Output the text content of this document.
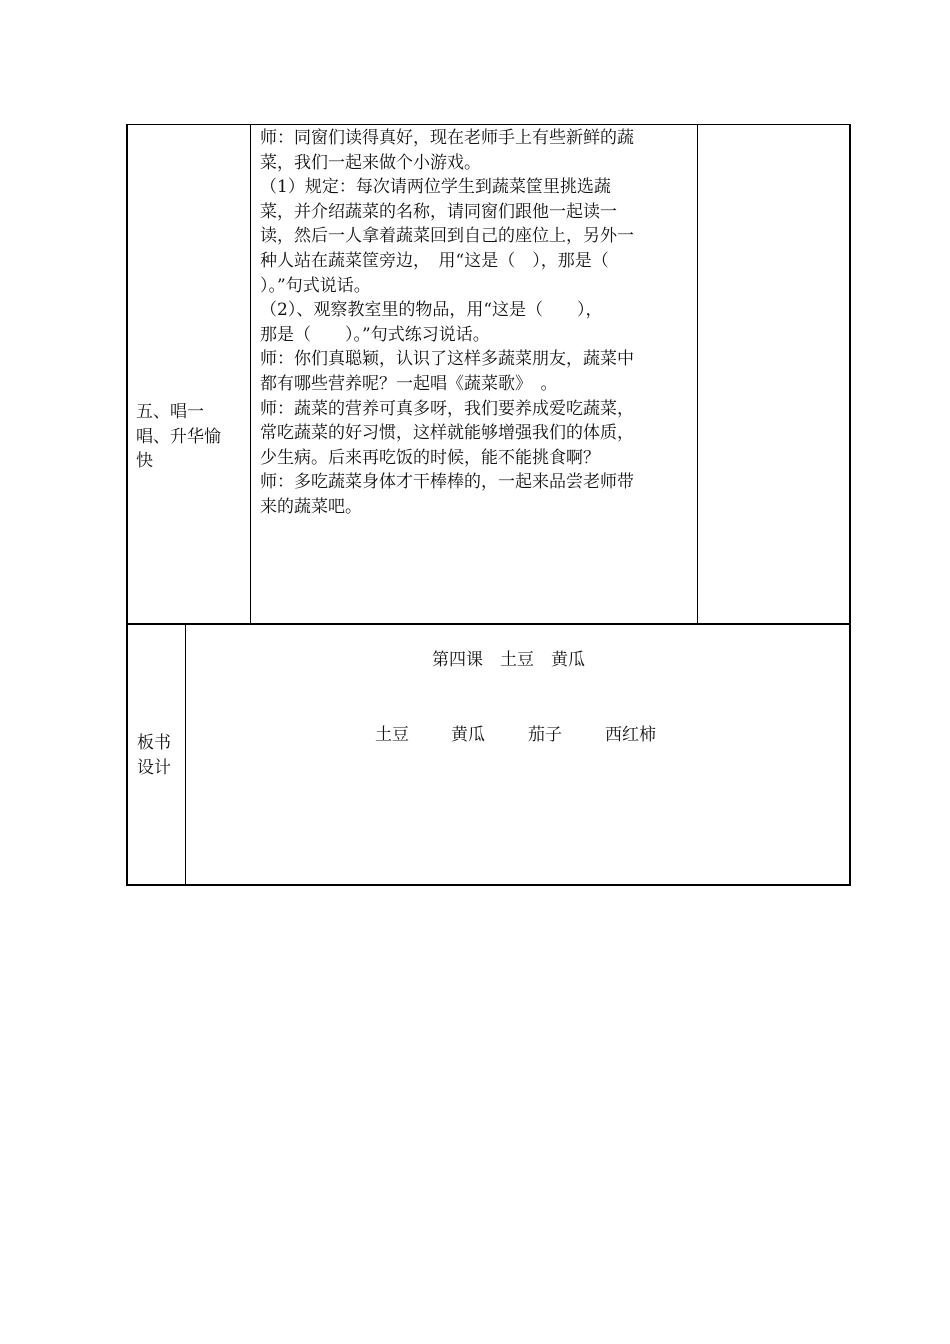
五、唱一
唱、升华愉
快
师：同窗们读得真好，现在老师手上有些新鲜的蔬
菜，我们一起来做个小游戏。
（1）规定：每次请两位学生到蔬菜筐里挑选蔬
菜，并介绍蔬菜的名称，请同窗们跟他一起读一
读，然后一人拿着蔬菜回到自己的座位上，另外一
种人站在蔬菜筐旁边，　用“这是（　），那是（
）。”句式说话。
（2）、观察教室里的物品，用“这是（　　），
那是（　　）。”句式练习说话。
师：你们真聪颖，认识了这样多蔬菜朋友，蔬菜中
都有哪些营养呢？一起唱《蔬菜歌》　。
师：蔬菜的营养可真多呀，我们要养成爱吃蔬菜，
常吃蔬菜的好习惯，这样就能够增强我们的体质，
少生病。后来再吃饭的时候，能不能挑食啊？
师：多吃蔬菜身体才干棒棒的，一起来品尝老师带
来的蔬菜吧。
板书
设计
第四课　土豆　黄瓜
土豆 黄瓜	茄子	西红柿
